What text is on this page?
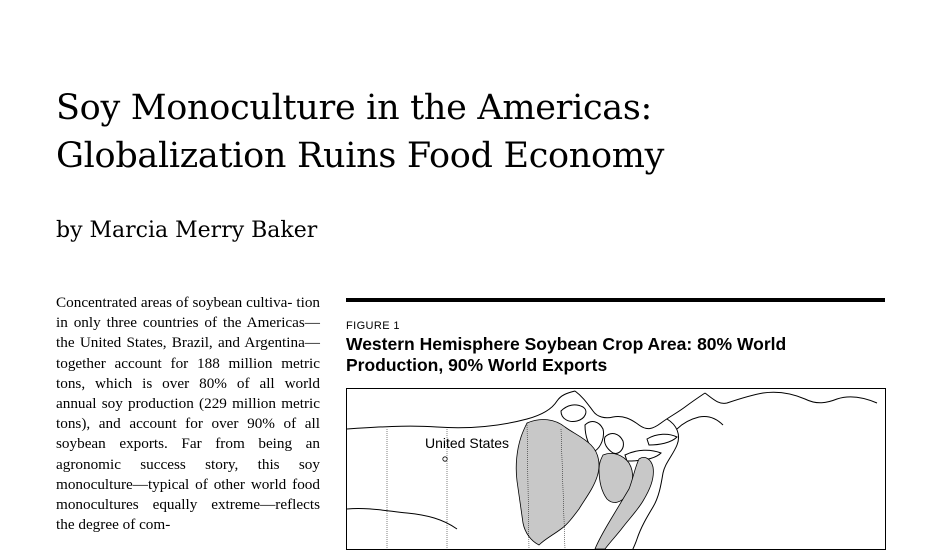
Soy Monoculture in the Americas:
Globalization Ruins Food Economy

by Marcia Merry Baker

Concentrated areas of soybean cultiva- tion in only three countries of the Americas—the United States, Brazil, and Argentina—together account for 188 million metric tons, which is over 80% of all world annual soy production (229 million metric tons), and account for over 90% of all soybean exports. Far from being an agronomic success story, this soy monoculture—typical of other world food monocultures equally extreme—reflects the degree of com-

FIGURE 1
Western Hemisphere Soybean Crop Area: 80% World
Production, 90% World Exports
United States
